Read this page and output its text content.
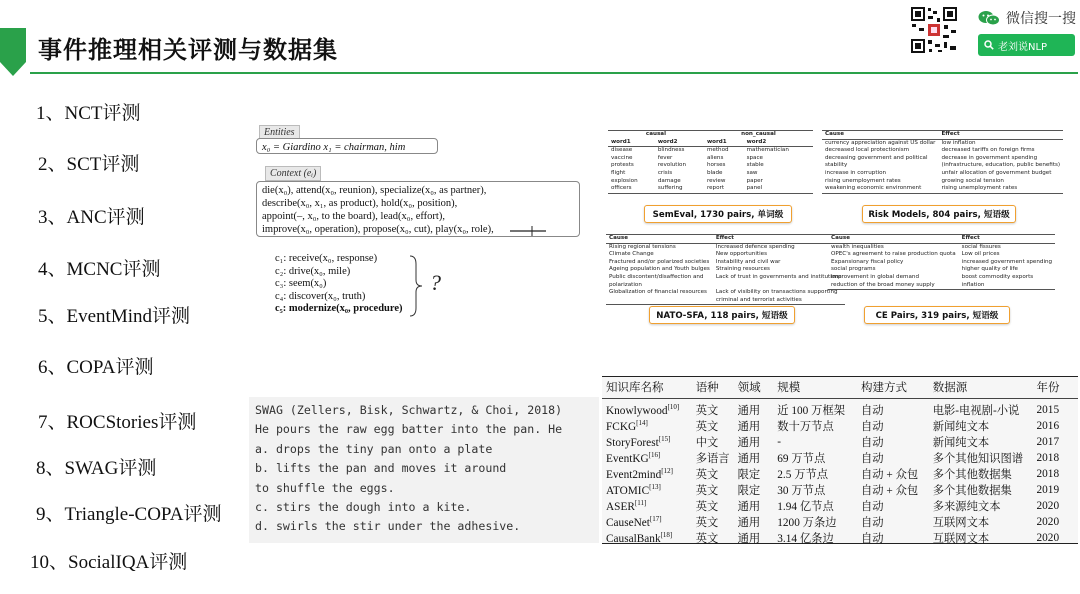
事件推理相关评测与数据集
微信搜一搜
老刘说NLP
1、NCT评测
2、SCT评测
3、ANC评测
4、MCNC评测
5、EventMind评测
6、COPA评测
7、ROCStories评测
8、SWAG评测
9、Triangle-COPA评测
10、SocialIQA评测
Entities
x₀ = Giardino x₁ = chairman, him
Context (eᵢ)
die(x₀), attend(x₀, reunion), specialize(x₀, as partner),
describe(x₀, x₁, as product), hold(x₀, position),
appoint(–, x₀, to the board), lead(x₀, effort),
improve(x₀, operation), propose(x₀, cut), play(x₀, role),
c₁: receive(x₀, response)
c₂: drive(x₀, mile)
c₃: seem(x₀)
c₄: discover(x₀, truth)
c₅: modernize(x₀, procedure)
?
SWAG (Zellers, Bisk, Schwartz, & Choi, 2018)
He pours the raw egg batter into the pan. He
a. drops the tiny pan onto a plate
b. lifts the pan and moves it around
to shuffle the eggs.
c. stirs the dough into a kite.
d. swirls the stir under the adhesive.
causal		non_causal	
word1	word2	word1	word2
disease	blindness	method	mathematician
vaccine	fever	aliens	space
protests	revolution	horses	stable
flight	crisis	blade	saw
explosion	damage	review	paper
officers	suffering	report	panel
SemEval, 1730 pairs, 单词级
Cause	Effect
currency appreciation against US dollar	low inflation
decreased local protectionism	decreased tariffs on foreign firms
decreasing government and political	decrease in government spending
stability	(infrastructure, education, public benefits)
increase in corruption	unfair allocation of government budget
rising unemployment rates	growing social tension
weakening economic environment	rising unemployment rates
Risk Models, 804 pairs, 短语级
Cause	Effect
Rising regional tensions	Increased defence spending
Climate Change	New opportunities
Fractured and/or polarized societies	Instability and civil war
Ageing population and Youth bulges	Straining resources
Public discontent/disaffection and	Lack of trust in governments and institutions
polarization	
Globalization of financial resources	Lack of visibility on transactions supporting
	criminal and terrorist activities
NATO-SFA, 118 pairs, 短语级
Cause	Effect
wealth inequalities	social fissures
OPEC's agreement to raise production quota	Low oil prices
Expansionary fiscal policy	increased government spending
social programs	higher quality of life
improvement in global demand	boost commodity exports
reduction of the broad money supply	inflation
CE Pairs, 319 pairs, 短语级
知识库名称	语种	领域	规模	构建方式	数据源	年份

Knowlywood[10]	英文	通用	近 100 万框架	自动	电影-电视剧-小说	2015
FCKG[14]	英文	通用	数十万节点	自动	新闻纯文本	2016
StoryForest[15]	中文	通用	-	自动	新闻纯文本	2017
EventKG[16]	多语言	通用	69 万节点	自动	多个其他知识图谱	2018
Event2mind[12]	英文	限定	2.5 万节点	自动 + 众包	多个其他数据集	2018
ATOMIC[13]	英文	限定	30 万节点	自动 + 众包	多个其他数据集	2019
ASER[11]	英文	通用	1.94 亿节点	自动	多来源纯文本	2020
CauseNet[17]	英文	通用	1200 万条边	自动	互联网文本	2020
CausalBank[18]	英文	通用	3.14 亿条边	自动	互联网文本	2020
